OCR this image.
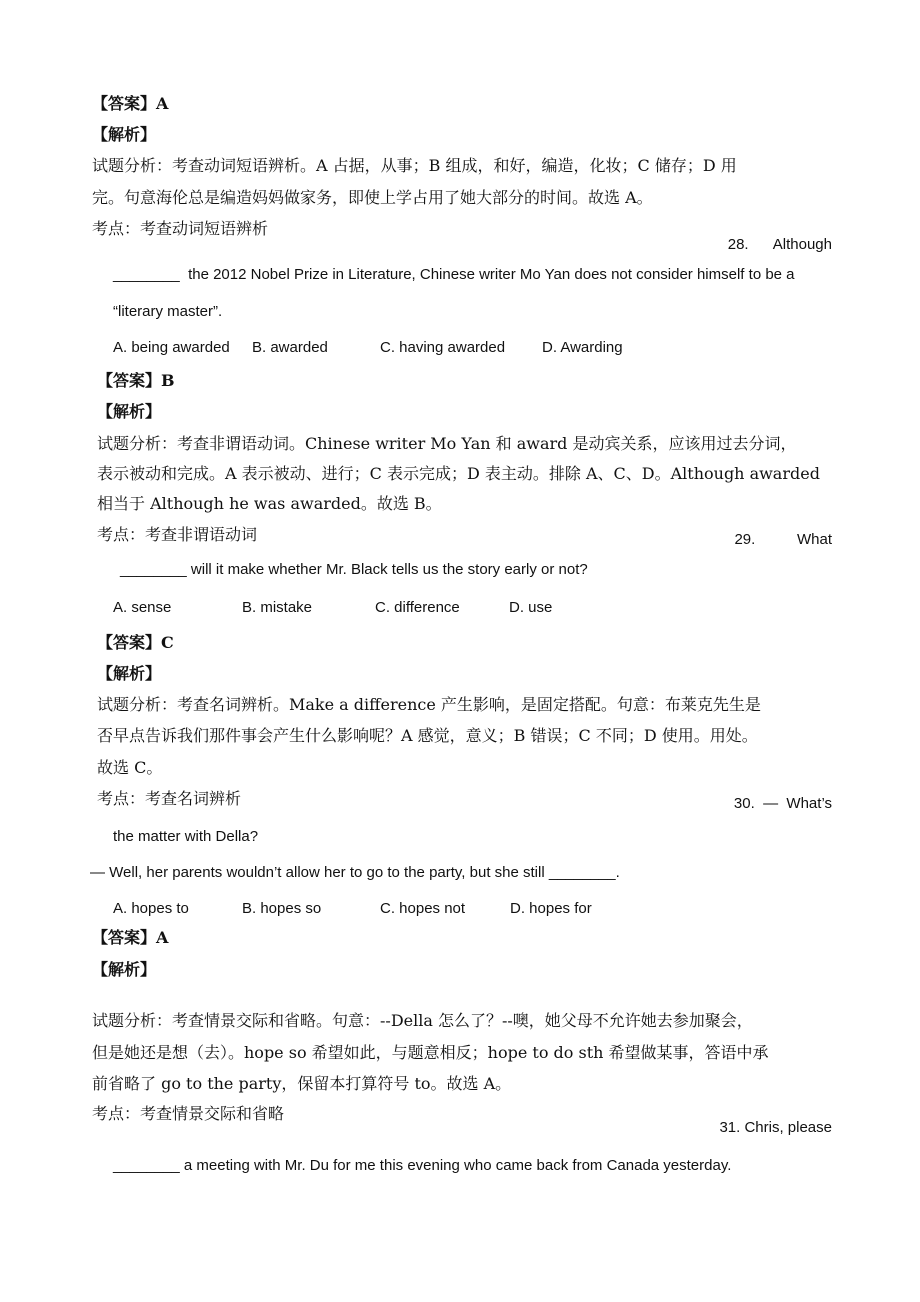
【答案】A
【解析】
试题分析：考查动词短语辨析。A 占据，从事；B 组成，和好，编造，化妆；C 储存；D 用
完。句意海伦总是编造妈妈做家务，即使上学占用了她大部分的时间。故选 A。
考点：考查动词短语辨析
28.      Although
________  the 2012 Nobel Prize in Literature, Chinese writer Mo Yan does not consider himself to be a
“literary master”.
A. being awarded B. awarded	C. having awarded D. Awarding
【答案】B
【解析】
试题分析：考查非谓语动词。Chinese writer Mo Yan 和 award 是动宾关系，应该用过去分词，
表示被动和完成。A 表示被动、进行；C 表示完成；D 表主动。排除 A、C、D。Although awarded
相当于 Although he was awarded。故选 B。
考点：考查非谓语动词	29.          What
________ will it make whether Mr. Black tells us the story early or not?
A. sense	B. mistake	C. difference	D. use
【答案】C
【解析】
试题分析：考查名词辨析。Make a difference 产生影响，是固定搭配。句意：布莱克先生是
否早点告诉我们那件事会产生什么影响呢？A 感觉，意义；B 错误；C 不同；D 使用。用处。
故选 C。
考点：考查名词辨析	30.  —  What’s
the matter with Della?
— Well, her parents wouldn’t allow her to go to the party, but she still ________.
A. hopes to	B. hopes so	C. hopes not	D. hopes for
【答案】A
【解析】
试题分析：考查情景交际和省略。句意：--Della 怎么了？--噢，她父母不允许她去参加聚会，
但是她还是想（去）。hope so 希望如此，与题意相反；hope to do sth 希望做某事，答语中承
前省略了 go to the party，保留本打算符号 to。故选 A。
考点：考查情景交际和省略
31. Chris, please
________ a meeting with Mr. Du for me this evening who came back from Canada yesterday.
